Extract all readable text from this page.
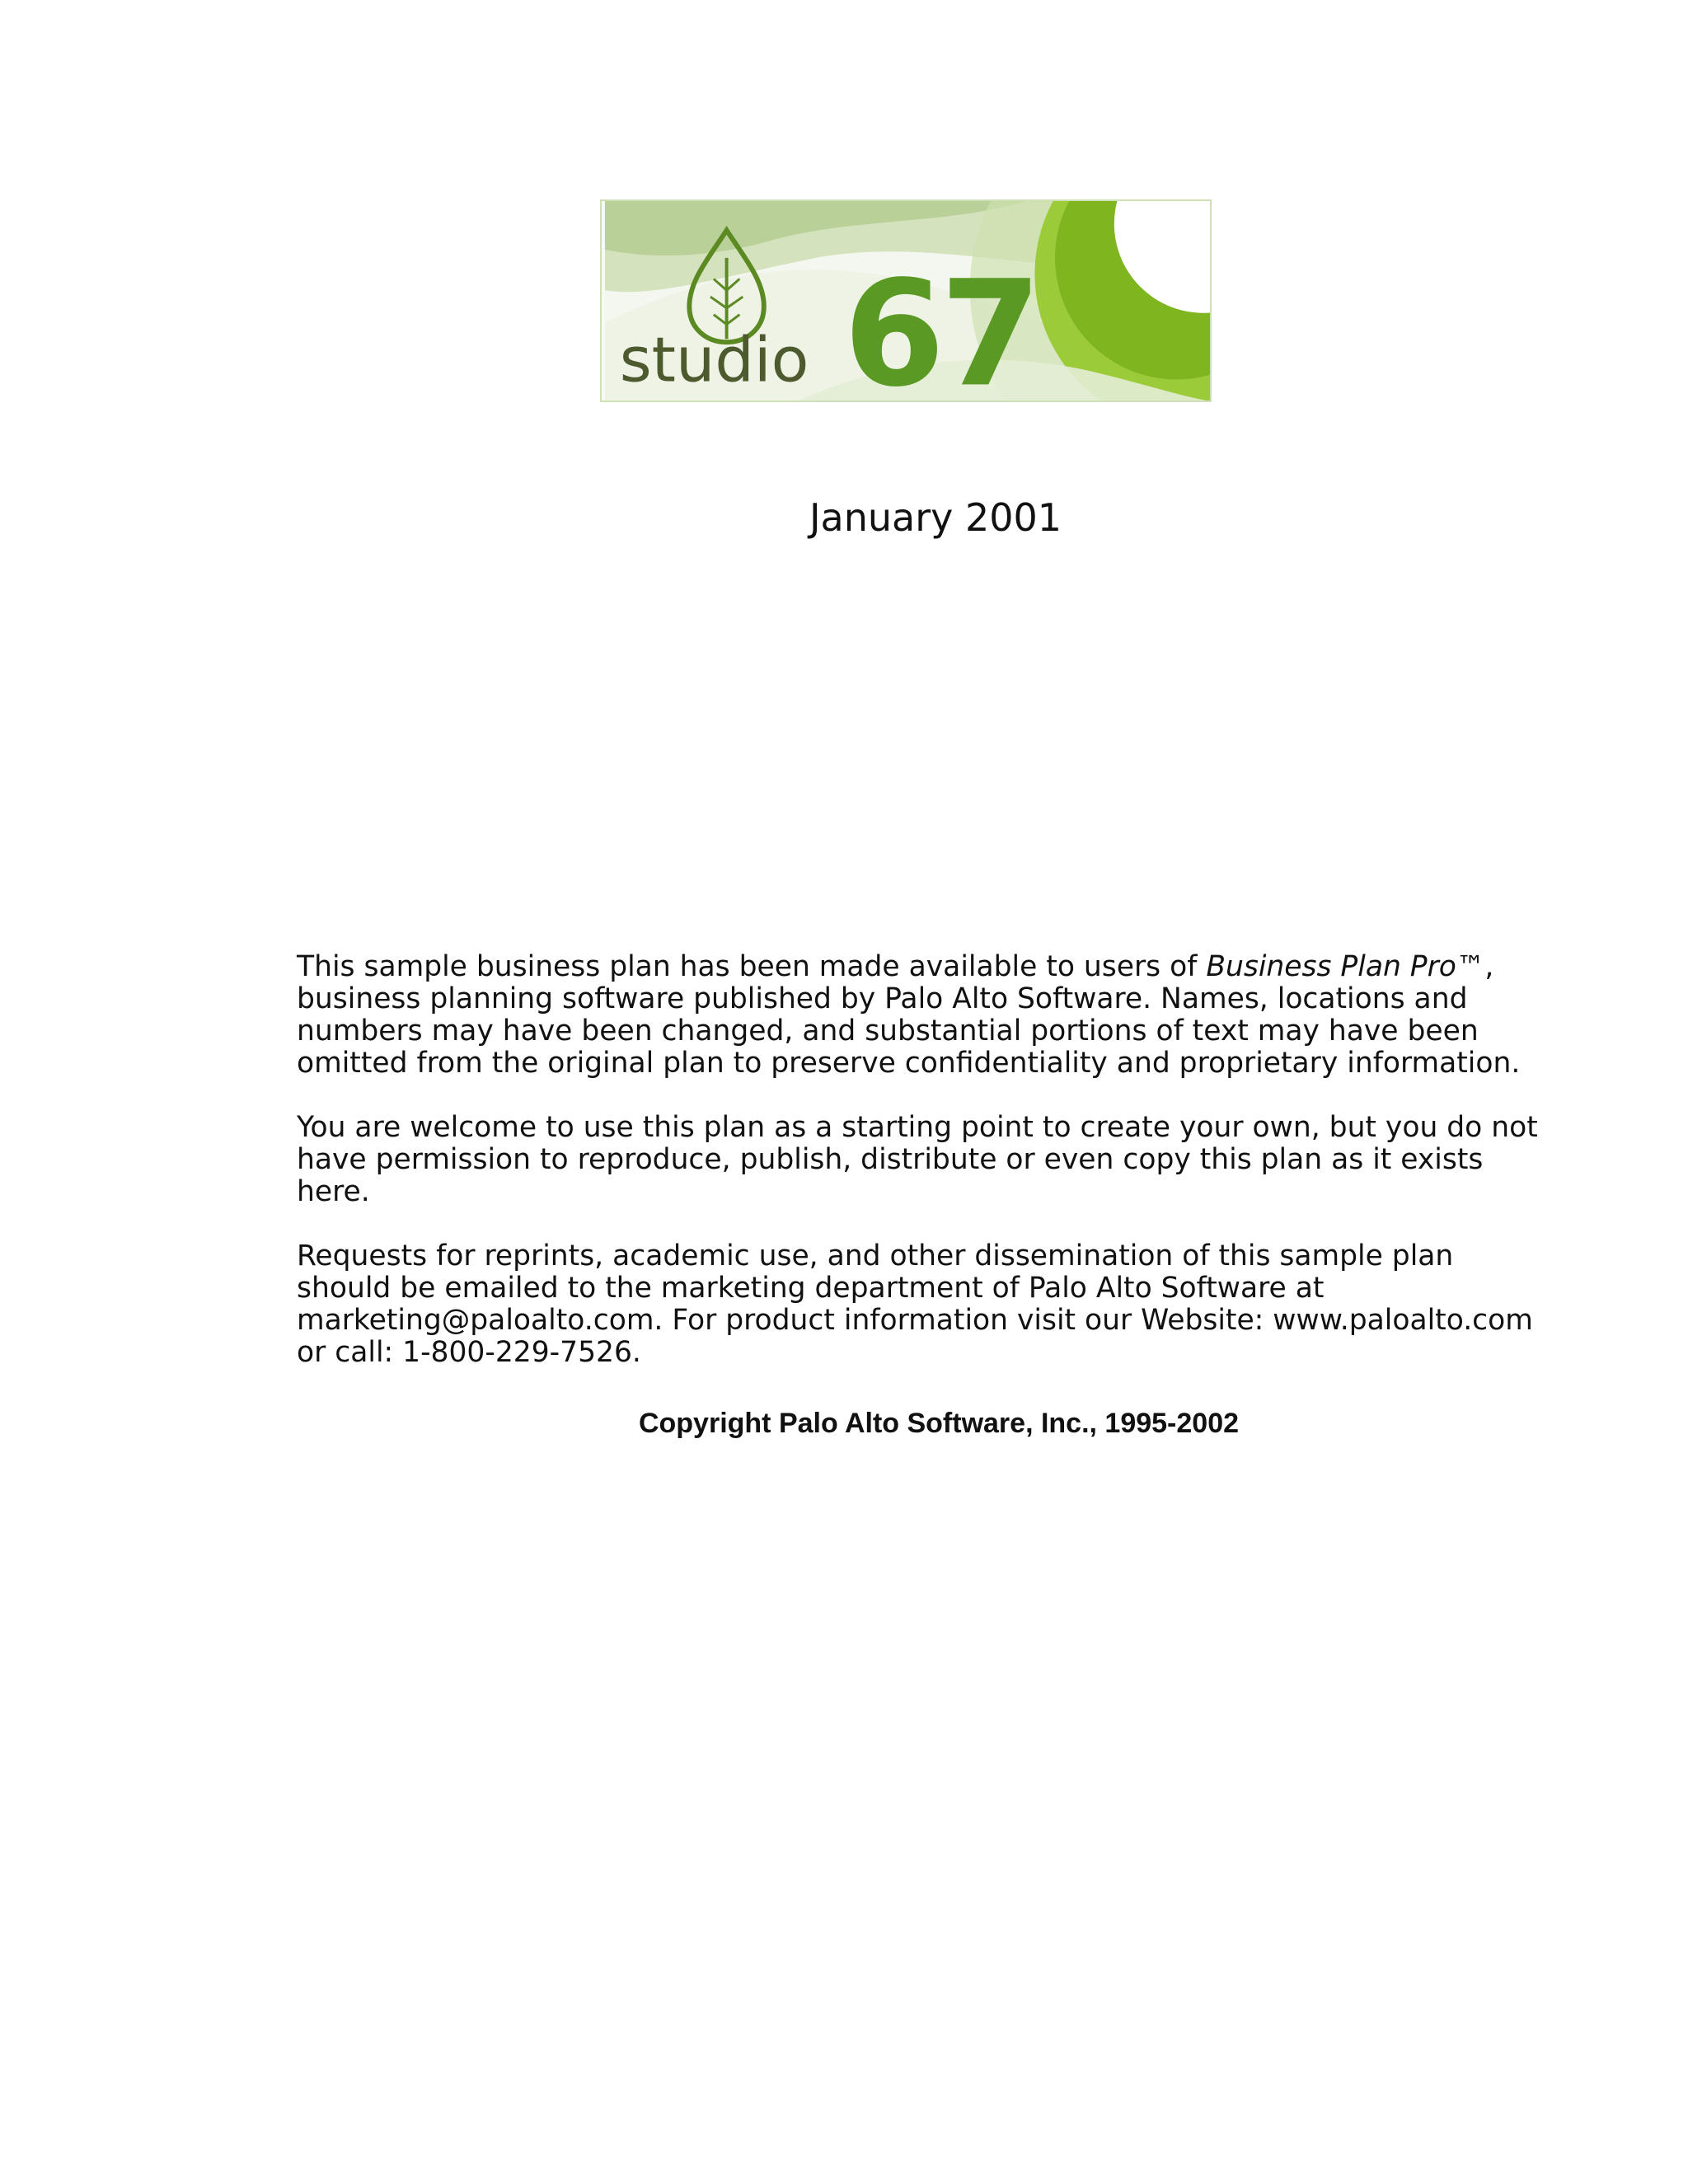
67
studio
January 2001

This sample business plan has been made available to users of Business Plan Pro™, business planning software published by Palo Alto Software. Names, locations and numbers may have been changed, and substantial portions of text may have been omitted from the original plan to preserve confidentiality and proprietary information.

You are welcome to use this plan as a starting point to create your own, but you do not have permission to reproduce, publish, distribute or even copy this plan as it exists here.

Requests for reprints, academic use, and other dissemination of this sample plan should be emailed to the marketing department of Palo Alto Software at marketing@paloalto.com. For product information visit our Website: www.paloalto.com or call: 1-800-229-7526.

Copyright Palo Alto Software, Inc., 1995-2002
